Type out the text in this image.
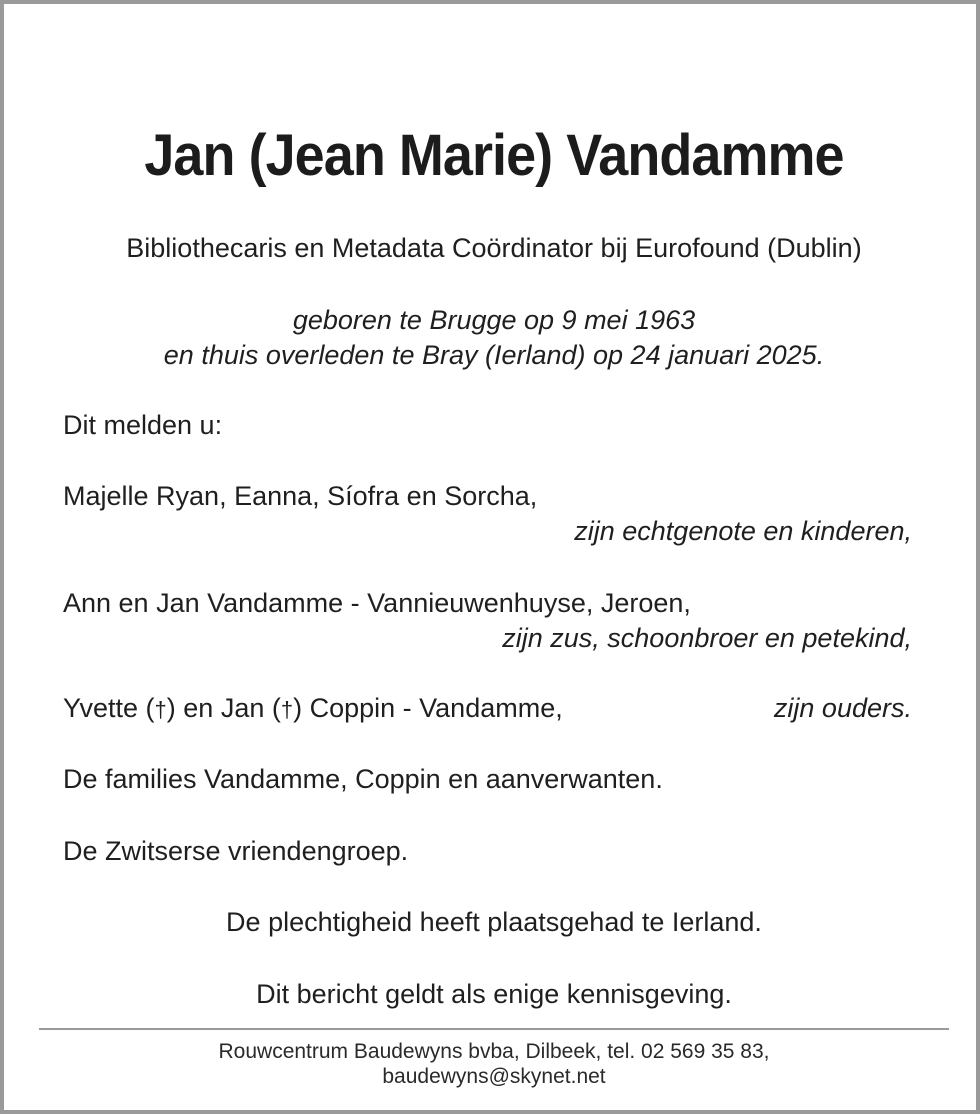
Jan (Jean Marie) Vandamme

Bibliothecaris en Metadata Coördinator bij Eurofound (Dublin)

geboren te Brugge op 9 mei 1963

en thuis overleden te Bray (Ierland) op 24 januari 2025.

Dit melden u:

Majelle Ryan, Eanna, Síofra en Sorcha,

zijn echtgenote en kinderen,

Ann en Jan Vandamme - Vannieuwenhuyse, Jeroen,

zijn zus, schoonbroer en petekind,

Yvette (†) en Jan (†) Coppin - Vandamme,	zijn ouders.

De families Vandamme, Coppin en aanverwanten.

De Zwitserse vriendengroep.

De plechtigheid heeft plaatsgehad te Ierland.

Dit bericht geldt als enige kennisgeving.

Rouwcentrum Baudewyns bvba, Dilbeek, tel. 02 569 35 83,

baudewyns@skynet.net
